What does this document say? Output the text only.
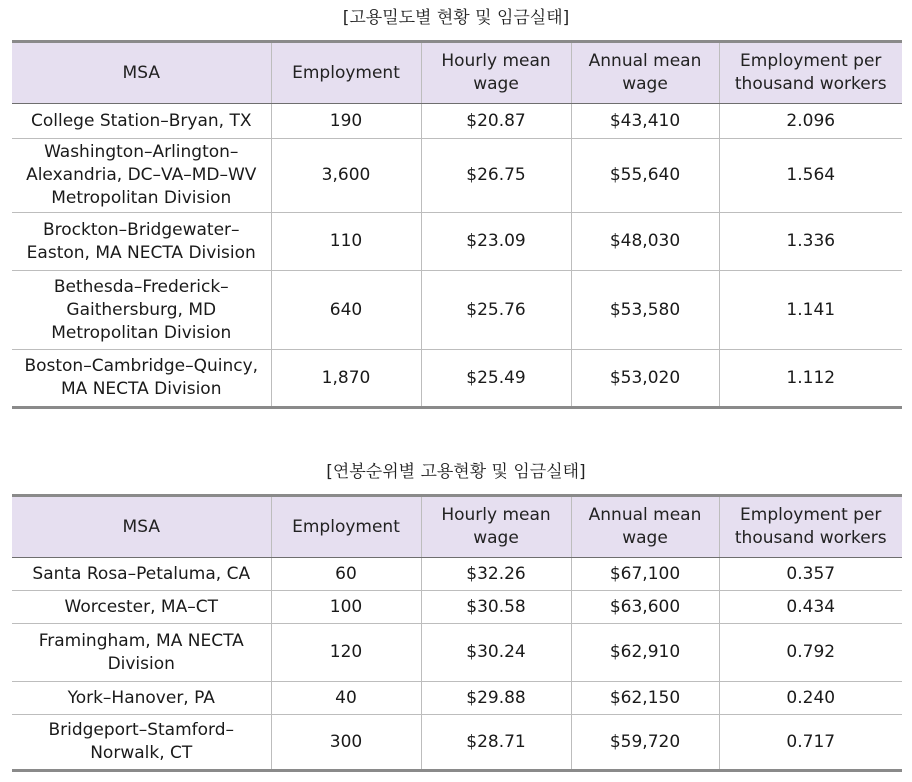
[고용밀도별 현황 및 임금실태]
MSA	Employment	Hourly mean wage	Annual mean wage	Employment per thousand workers
College Station–Bryan, TX	190	$20.87	$43,410	2.096
Washington–Arlington–Alexandria, DC–VA–MD–WV Metropolitan Division	3,600	$26.75	$55,640	1.564
Brockton–Bridgewater–Easton, MA NECTA Division	110	$23.09	$48,030	1.336
Bethesda–Frederick–Gaithersburg, MD Metropolitan Division	640	$25.76	$53,580	1.141
Boston–Cambridge–Quincy, MA NECTA Division	1,870	$25.49	$53,020	1.112
[연봉순위별 고용현황 및 임금실태]
MSA	Employment	Hourly mean wage	Annual mean wage	Employment per thousand workers
Santa Rosa–Petaluma, CA	60	$32.26	$67,100	0.357
Worcester, MA–CT	100	$30.58	$63,600	0.434
Framingham, MA NECTA Division	120	$30.24	$62,910	0.792
York–Hanover, PA	40	$29.88	$62,150	0.240
Bridgeport–Stamford–Norwalk, CT	300	$28.71	$59,720	0.717
